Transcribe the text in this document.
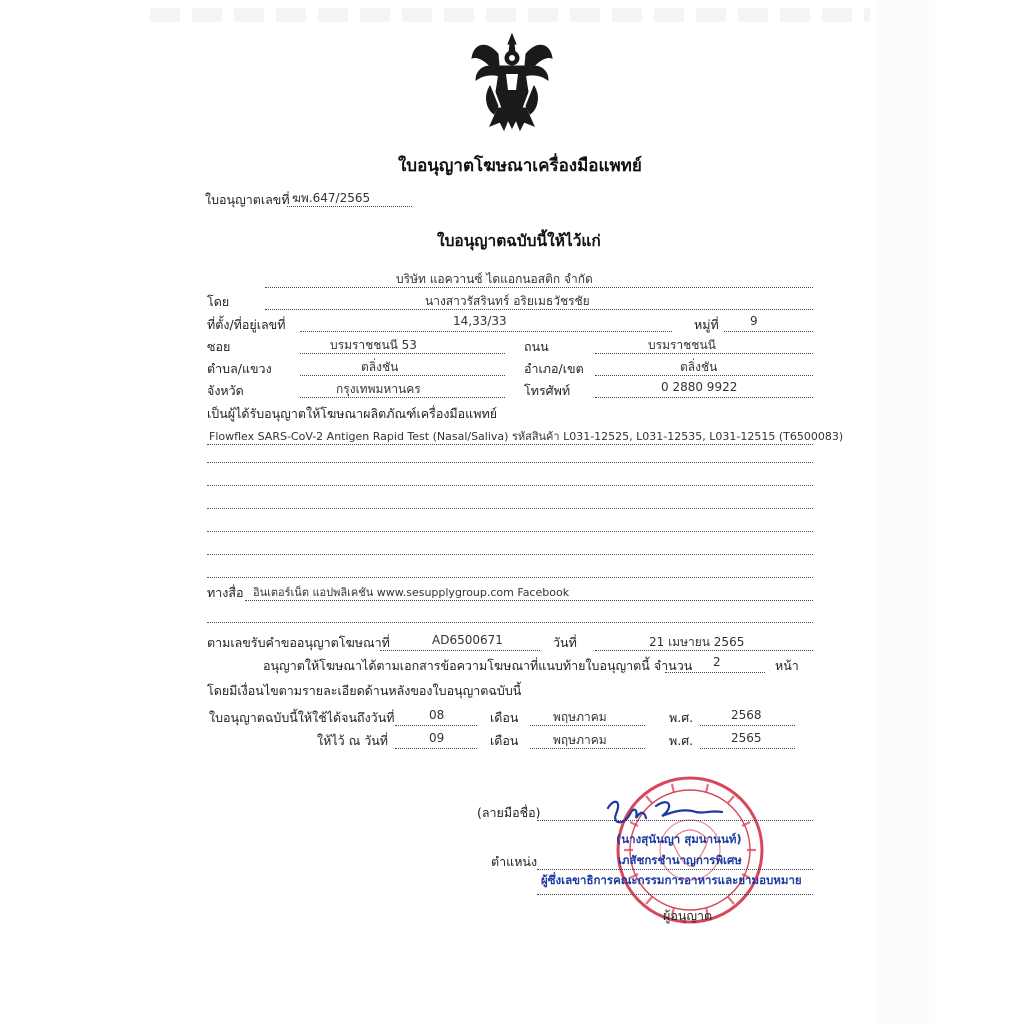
ใบอนุญาตโฆษณาเครื่องมือแพทย์
ใบอนุญาตเลขที่ ฆพ.647/2565
ใบอนุญาตฉบับนี้ให้ไว้แก่
บริษัท แอควานซ์ ไดแอกนอสติก จำกัด
โดย	นางสาวรัสรินทร์ อริยเมธวัชรชัย
ที่ตั้ง/ที่อยู่เลขที่	14,33/33	หมู่ที่	9
ซอย	บรมราชชนนี 53	ถนน	บรมราชชนนี
ตำบล/แขวง	ตลิ่งชัน	อำเภอ/เขต	ตลิ่งชัน
จังหวัด	กรุงเทพมหานคร	โทรศัพท์	0 2880 9922
เป็นผู้ได้รับอนุญาตให้โฆษณาผลิตภัณฑ์เครื่องมือแพทย์
Flowflex SARS-CoV-2 Antigen Rapid Test (Nasal/Saliva) รหัสสินค้า L031-12525, L031-12535, L031-12515 (T6500083)
ทางสื่อ อินเตอร์เน็ต แอปพลิเคชัน www.sesupplygroup.com Facebook
ตามเลขรับคำขออนุญาตโฆษณาที่	AD6500671	วันที่	21 เมษายน 2565
อนุญาตให้โฆษณาได้ตามเอกสารข้อความโฆษณาที่แนบท้ายใบอนุญาตนี้ จำนวน 2	หน้า
โดยมีเงื่อนไขตามรายละเอียดด้านหลังของใบอนุญาตฉบับนี้
ใบอนุญาตฉบับนี้ให้ใช้ได้จนถึงวันที่	08	เดือน	พฤษภาคม	พ.ศ.	2568
ให้ไว้ ณ วันที่	09	เดือน	พฤษภาคม	พ.ศ.	2565
(ลายมือชื่อ)
(นางสุนันญา สุมนานนท์)
เภสัชกรชำนาญการพิเศษ
ตำแหน่ง
ผู้ซึ่งเลขาธิการคณะกรรมการอาหารและยามอบหมาย
ผู้อนุญาต
